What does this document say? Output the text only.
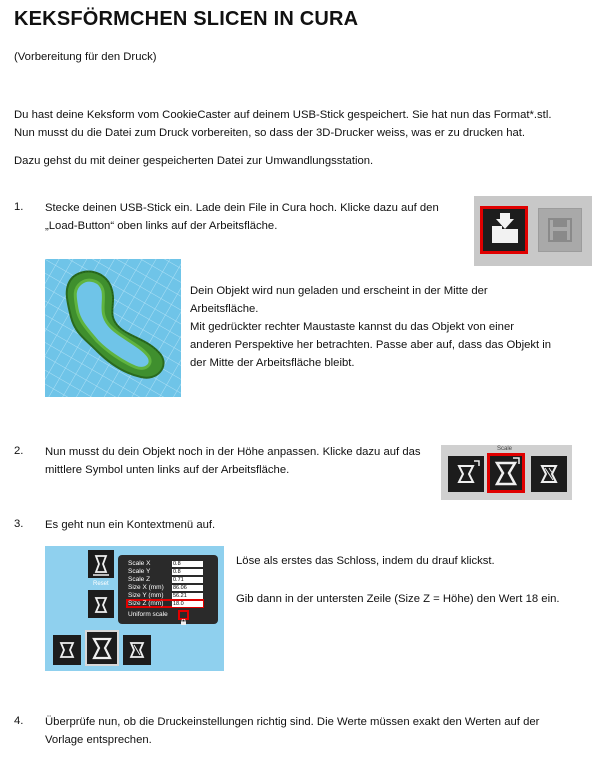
KEKSFÖRMCHEN SLICEN IN CURA
(Vorbereitung für den Druck)
Du hast deine Keksform vom CookieCaster auf deinem USB-Stick gespeichert. Sie hat nun das Format*.stl.
Nun musst du die Datei zum Druck vorbereiten, so dass der 3D-Drucker weiss, was er zu drucken hat.
Dazu gehst du mit deiner gespeicherten Datei zur Umwandlungsstation.
1. Stecke deinen USB-Stick ein. Lade dein File in Cura hoch. Klicke dazu auf den
„Load-Button“ oben links auf der Arbeitsfläche.
Dein Objekt wird nun geladen und erscheint in der Mitte der
Arbeitsfläche.
Mit gedrückter rechter Maustaste kannst du das Objekt von einer
anderen Perspektive her betrachten. Passe aber auf, dass das Objekt in
der Mitte der Arbeitsfläche bleibt.
2. Nun musst du dein Objekt noch in der Höhe anpassen. Klicke dazu auf das
mittlere Symbol unten links auf der Arbeitsfläche.
Scale
3. Es geht nun ein Kontextmenü auf.
Reset
Scale X	0.8
Scale Y	0.8
Scale Z	0.71
Size X (mm) 86.06
Size Y (mm) 56.21
Size Z (mm) 18.0
Uniform scale
Löse als erstes das Schloss, indem du drauf klickst.
Gib dann in der untersten Zeile (Size Z = Höhe) den Wert 18 ein.
4. Überprüfe nun, ob die Druckeinstellungen richtig sind. Die Werte müssen exakt den Werten auf der
Vorlage entsprechen.
